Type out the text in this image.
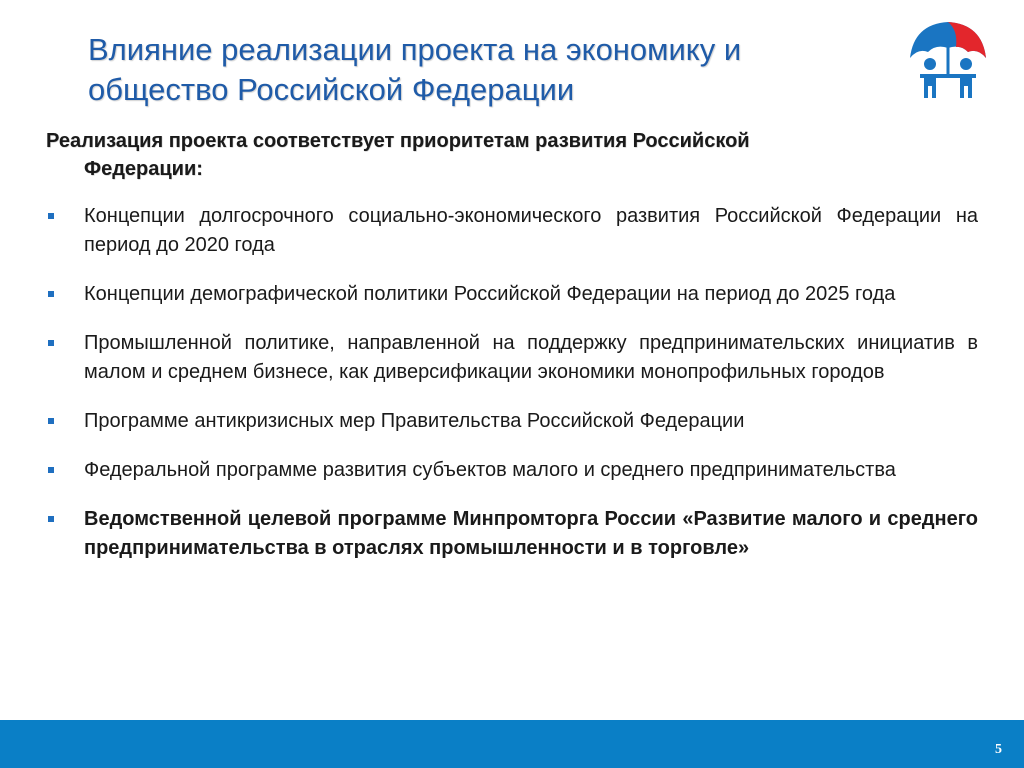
Влияние реализации проекта на экономику и
общество Российской Федерации
Реализация проекта соответствует приоритетам развития Российской
Федерации:
Концепции долгосрочного социально-экономического развития Российской Федерации на период до 2020 года
Концепции демографической политики Российской Федерации на период до 2025 года
Промышленной политике, направленной на поддержку предпринимательских инициатив в малом и среднем бизнесе, как диверсификации экономики монопрофильных городов
Программе антикризисных мер Правительства Российской Федерации
Федеральной программе развития субъектов малого и среднего предпринимательства
Ведомственной целевой программе Минпромторга России «Развитие малого и среднего предпринимательства в отраслях промышленности и в торговле»
5
